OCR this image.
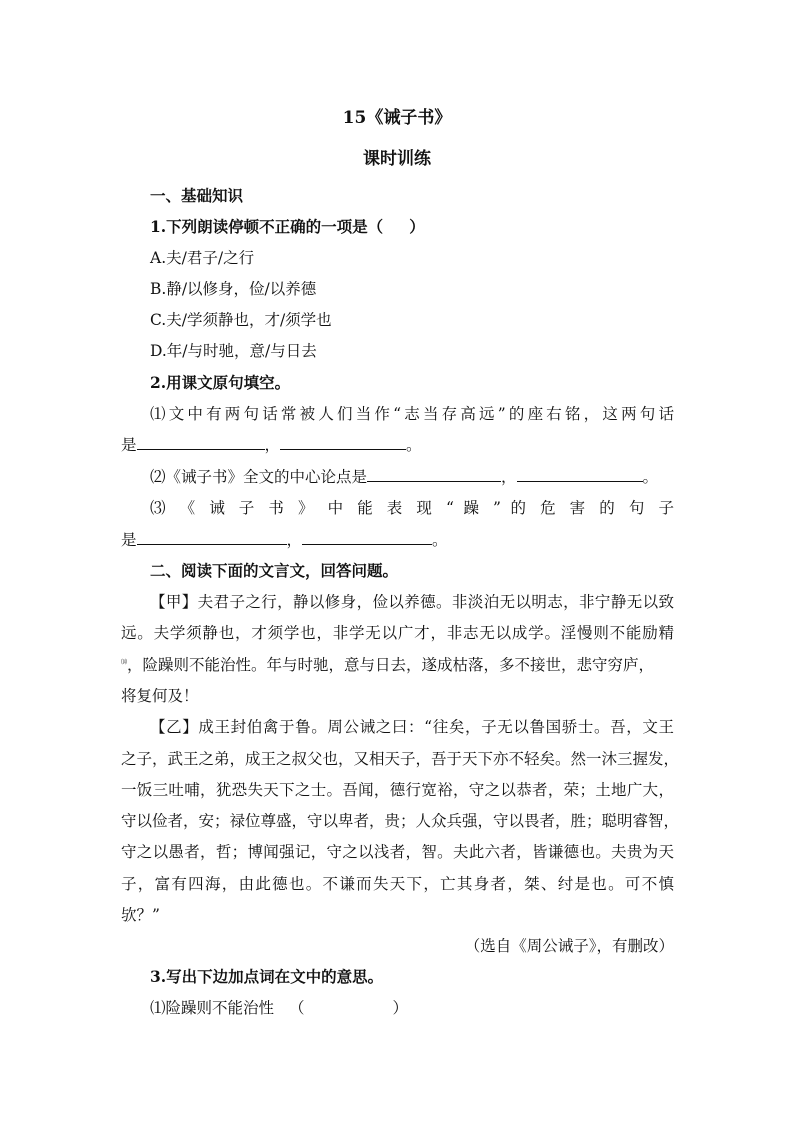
15《诫子书》
课时训练
一、基础知识
1.下列朗读停顿不正确的一项是（ ）
A.夫/君子/之行
B.静/以修身，俭/以养德
C.夫/学须静也，才/须学也
D.年/与时驰，意/与日去
2.用课文原句填空。
⑴文中有两句话常被人们当作“志当存高远”的座右铭，这两句话
是	，	。
⑵《诫子书》全文的中心论点是	，	。
⑶ 《 诫 子 书 》 中 能 表 现 “ 躁 ” 的 危 害 的 句 子
是	，	。
二、阅读下面的文言文，回答问题。
【甲】夫君子之行，静以修身，俭以养德。非淡泊无以明志，非宁静无以致
远。夫学须静也，才须学也，非学无以广才，非志无以成学。淫慢则不能励精
⒁，险躁则不能治性。年与时驰，意与日去，遂成枯落，多不接世，悲守穷庐，
将复何及！
【乙】成王封伯禽于鲁。周公诫之曰：“往矣，子无以鲁国骄士。吾，文王
之子，武王之弟，成王之叔父也，又相天子，吾于天下亦不轻矣。然一沐三握发，
一饭三吐哺，犹恐失天下之士。吾闻，德行宽裕，守之以恭者，荣；土地广大，
守以俭者，安；禄位尊盛，守以卑者，贵；人众兵强，守以畏者，胜；聪明睿智，
守之以愚者，哲；博闻强记，守之以浅者，智。夫此六者，皆谦德也。夫贵为天
子，富有四海，由此德也。不谦而失天下，亡其身者，桀、纣是也。可不慎
欤？”
（选自《周公诫子》，有删改）
3.写出下边加点词在文中的意思。
⑴险躁则不能治性 （	）
